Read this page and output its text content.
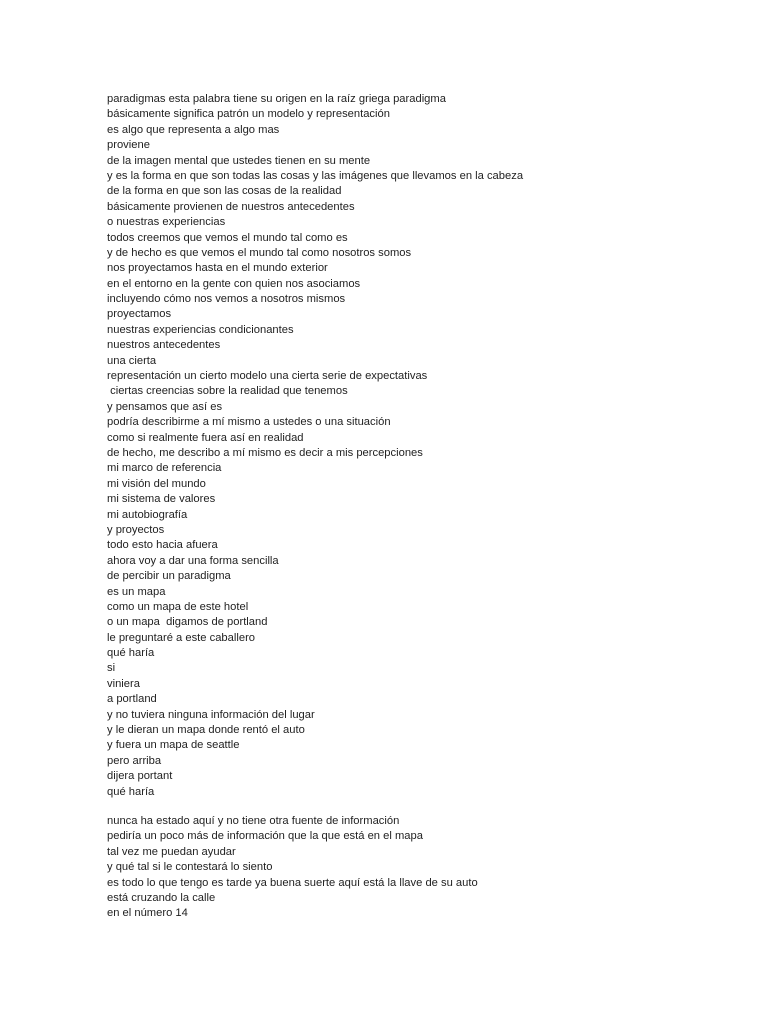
paradigmas esta palabra tiene su origen en la raíz griega paradigma
básicamente significa patrón un modelo y representación
es algo que representa a algo mas
proviene
de la imagen mental que ustedes tienen en su mente
y es la forma en que son todas las cosas y las imágenes que llevamos en la cabeza
de la forma en que son las cosas de la realidad
básicamente provienen de nuestros antecedentes
o nuestras experiencias
todos creemos que vemos el mundo tal como es
y de hecho es que vemos el mundo tal como nosotros somos
nos proyectamos hasta en el mundo exterior
en el entorno en la gente con quien nos asociamos
incluyendo cómo nos vemos a nosotros mismos
proyectamos
nuestras experiencias condicionantes
nuestros antecedentes
una cierta
representación un cierto modelo una cierta serie de expectativas
ciertas creencias sobre la realidad que tenemos
y pensamos que así es
podría describirme a mí mismo a ustedes o una situación
como si realmente fuera así en realidad
de hecho, me describo a mí mismo es decir a mis percepciones
mi marco de referencia
mi visión del mundo
mi sistema de valores
mi autobiografía
y proyectos
todo esto hacia afuera
ahora voy a dar una forma sencilla
de percibir un paradigma
es un mapa
como un mapa de este hotel
o un mapa  digamos de portland
le preguntaré a este caballero
qué haría
si
viniera
a portland
y no tuviera ninguna información del lugar
y le dieran un mapa donde rentó el auto
y fuera un mapa de seattle
pero arriba
dijera portant
qué haría
nunca ha estado aquí y no tiene otra fuente de información
pediría un poco más de información que la que está en el mapa
tal vez me puedan ayudar
y qué tal si le contestará lo siento
es todo lo que tengo es tarde ya buena suerte aquí está la llave de su auto
está cruzando la calle
en el número 14
